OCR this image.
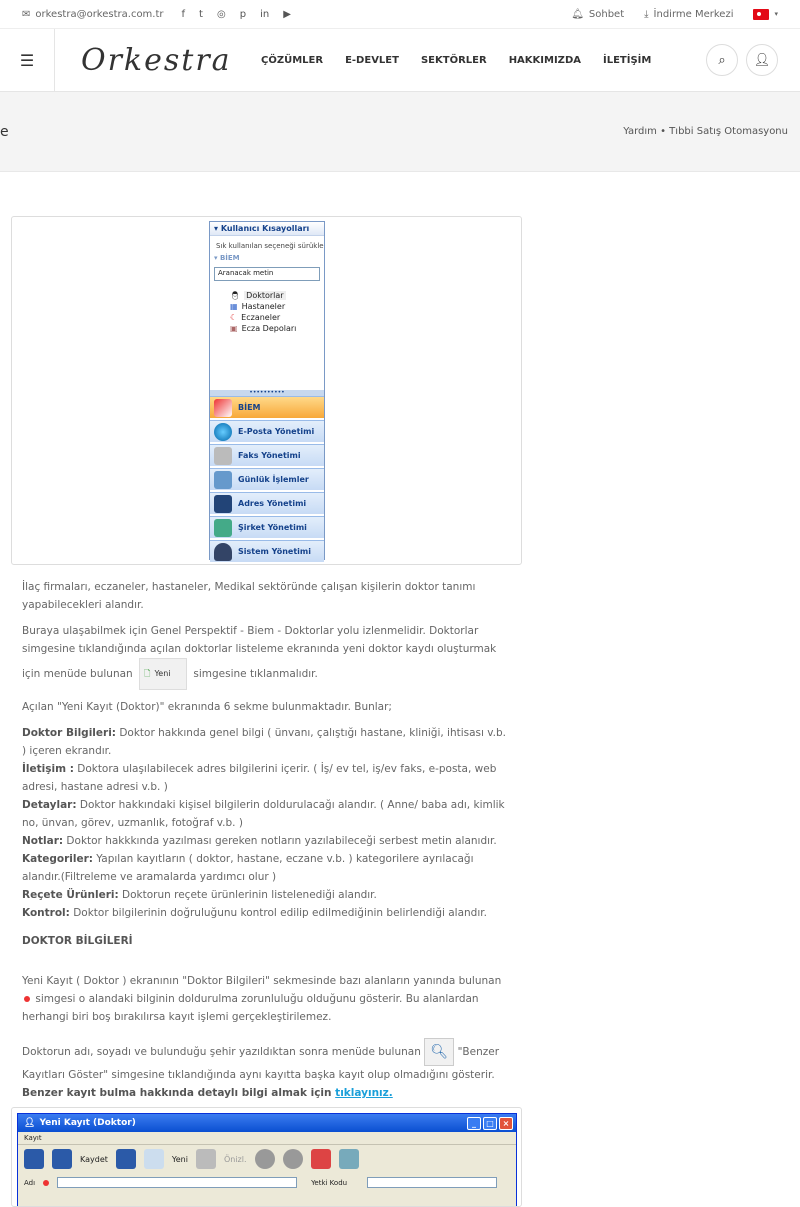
✉ orkestra@orkestra.com.tr f t ◎ p in ▶	🔔︎ Sohbet ⤓ İndirme Merkezi	▾
☰	Orkestra	ÇÖZÜMLER E-DEVLET SEKTÖRLER HAKKIMIZDA İLETİŞİM	⌕ 👤︎
e	Yardım • Tıbbi Satış Otomasyonu
▾ Kullanıcı Kısayolları
Sık kullanılan seçeneği sürükle
▾ BİEM
Aranacak metin
👨︎ Doktorlar
▦ Hastaneler
☾ Eczaneler
▣ Ecza Depoları
••••••••••
BİEM
E-Posta Yönetimi
Faks Yönetimi
Günlük İşlemler
Adres Yönetimi
Şirket Yönetimi
Sistem Yönetimi

İlaç firmaları, eczaneler, hastaneler, Medikal sektöründe çalışan kişilerin doktor tanımı yapabilecekleri alandır.

Buraya ulaşabilmek için Genel Perspektif - Biem - Doktorlar yolu izlenmelidir. Doktorlar simgesine tıklandığında açılan doktorlar listeleme ekranında yeni doktor kaydı oluşturmak için menüde bulunan 🗋︎ Yeni simgesine tıklanmalıdır.

Açılan "Yeni Kayıt (Doktor)" ekranında 6 sekme bulunmaktadır. Bunlar;

Doktor Bilgileri: Doktor hakkında genel bilgi ( ünvanı, çalıştığı hastane, kliniği, ihtisası v.b. ) içeren ekrandır.
İletişim : Doktora ulaşılabilecek adres bilgilerini içerir. ( İş/ ev tel, iş/ev faks, e-posta, web adresi, hastane adresi v.b. )
Detaylar: Doktor hakkındaki kişisel bilgilerin doldurulacağı alandır. ( Anne/ baba adı, kimlik no, ünvan, görev, uzmanlık, fotoğraf v.b. )
Notlar: Doktor hakkkında yazılması gereken notların yazılabileceği serbest metin alanıdır.
Kategoriler: Yapılan kayıtların ( doktor, hastane, eczane v.b. ) kategorilere ayrılacağı alandır.(Filtreleme ve aramalarda yardımcı olur )
Reçete Ürünleri: Doktorun reçete ürünlerinin listelenediği alandır.
Kontrol: Doktor bilgilerinin doğruluğunu kontrol edilip edilmediğinin belirlendiği alandır.

DOKTOR BİLGİLERİ

Yeni Kayıt ( Doktor ) ekranının "Doktor Bilgileri" sekmesinde bazı alanların yanında bulunan  simgesi o alandaki bilginin doldurulma zorunluluğu olduğunu gösterir. Bu alanlardan herhangi biri boş bırakılırsa kayıt işlemi gerçekleştirilemez.

Doktorun adı, soyadı ve bulunduğu şehir yazıldıktan sonra menüde bulunan 🔍︎ "Benzer Kayıtları Göster" simgesine tıklandığında aynı kayıtta başka kayıt olup olmadığını gösterir.

Benzer kayıt bulma hakkında detaylı bilgi almak için tıklayınız.

👤︎ Yeni Kayıt (Doktor)	_	□	×
Kayıt
Kaydet	Yeni	Önizl.
Adı	Yetki Kodu
